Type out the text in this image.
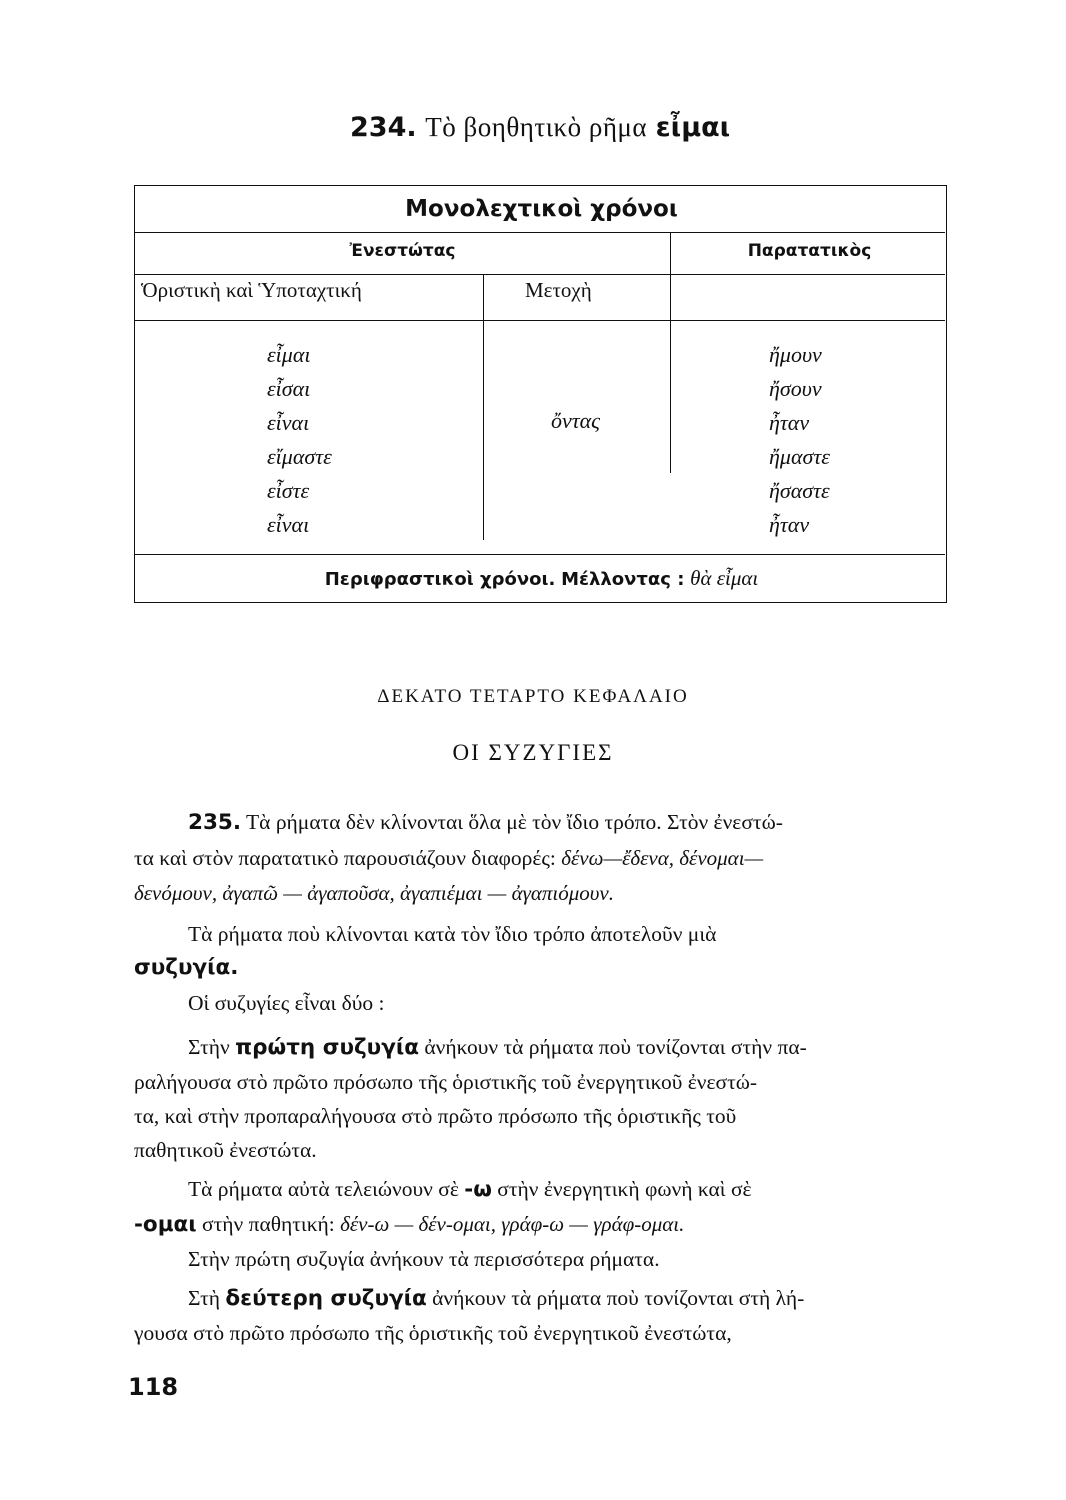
234. Τὸ βοηθητικὸ ρῆμα εἶμαι
Μονολεχτικοὶ χρόνοι
Ἐνεστώτας	Παρατατικὸς
Ὁριστικὴ καὶ Ὑποταχτική	Μετοχὴ
εἶμαι
εἶσαι
εἶναι
εἴμαστε
εἶστε
εἶναι
ὄντας
ἤμουν
ἤσουν
ἦταν
ἤμαστε
ἤσαστε
ἦταν
Περιφραστικοὶ χρόνοι. Μέλλοντας : θὰ εἶμαι
ΔΕΚΑΤΟ ΤΕΤΑΡΤΟ ΚΕΦΑΛΑΙΟ
ΟΙ ΣΥΖΥΓΙΕΣ
235. Τὰ ρήματα δὲν κλίνονται ὅλα μὲ τὸν ἴδιο τρόπο. Στὸν ἐνεστώ-
τα καὶ στὸν παρατατικὸ παρουσιάζουν διαφορές: δένω—ἔδενα, δένομαι—
δενόμουν, ἀγαπῶ — ἀγαποῦσα, ἀγαπιέμαι — ἀγαπιόμουν.
Τὰ ρήματα ποὺ κλίνονται κατὰ τὸν ἴδιο τρόπο ἀποτελοῦν μιὰ
συζυγία.
Οἱ συζυγίες εἶναι δύο :
Στὴν πρώτη συζυγία ἀνήκουν τὰ ρήματα ποὺ τονίζονται στὴν πα-
ραλήγουσα στὸ πρῶτο πρόσωπο τῆς ὁριστικῆς τοῦ ἐνεργητικοῦ ἐνεστώ-
τα, καὶ στὴν προπαραλήγουσα στὸ πρῶτο πρόσωπο τῆς ὁριστικῆς τοῦ
παθητικοῦ ἐνεστώτα.
Τὰ ρήματα αὐτὰ τελειώνουν σὲ -ω στὴν ἐνεργητικὴ φωνὴ καὶ σὲ
-ομαι στὴν παθητική: δέν-ω — δέν-ομαι, γράφ-ω — γράφ-ομαι.
Στὴν πρώτη συζυγία ἀνήκουν τὰ περισσότερα ρήματα.
Στὴ δεύτερη συζυγία ἀνήκουν τὰ ρήματα ποὺ τονίζονται στὴ λή-
γουσα στὸ πρῶτο πρόσωπο τῆς ὁριστικῆς τοῦ ἐνεργητικοῦ ἐνεστώτα,
118
